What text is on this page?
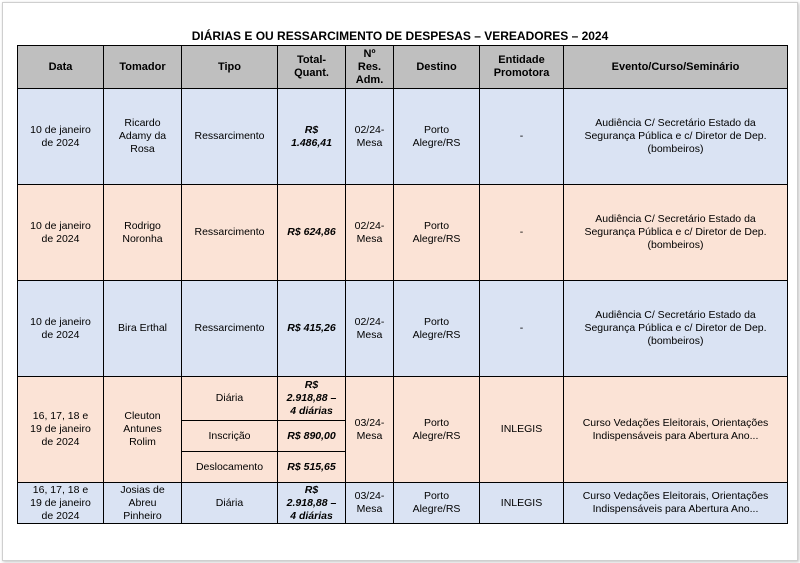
DIÁRIAS E OU RESSARCIMENTO DE DESPESAS – VEREADORES – 2024
Data	Tomador	Tipo	Total-
Quant.	Nº
Res.
Adm.	Destino	Entidade
Promotora	Evento/Curso/Seminário
10 de janeiro
de 2024	Ricardo
Adamy da
Rosa	Ressarcimento	R$
1.486,41	02/24-
Mesa	Porto
Alegre/RS	-	Audiência C/ Secretário Estado da
Segurança Pública e c/ Diretor de Dep.
(bombeiros)
10 de janeiro
de 2024	Rodrigo
Noronha	Ressarcimento	R$ 624,86	02/24-
Mesa	Porto
Alegre/RS	-	Audiência C/ Secretário Estado da
Segurança Pública e c/ Diretor de Dep.
(bombeiros)
10 de janeiro
de 2024	Bira Erthal	Ressarcimento	R$ 415,26	02/24-
Mesa	Porto
Alegre/RS	-	Audiência C/ Secretário Estado da
Segurança Pública e c/ Diretor de Dep.
(bombeiros)
16, 17, 18 e
19 de janeiro
de 2024	Cleuton
Antunes
Rolim	Diária	R$
2.918,88 –
4 diárias	03/24-
Mesa	Porto
Alegre/RS	INLEGIS	Curso Vedações Eleitorais, Orientações
Indispensáveis para Abertura Ano...
		Inscrição	R$ 890,00				
		Deslocamento	R$ 515,65				
16, 17, 18 e
19 de janeiro
de 2024	Josias de
Abreu
Pinheiro	Diária	R$
2.918,88 –
4 diárias	03/24-
Mesa	Porto
Alegre/RS	INLEGIS	Curso Vedações Eleitorais, Orientações
Indispensáveis para Abertura Ano...
